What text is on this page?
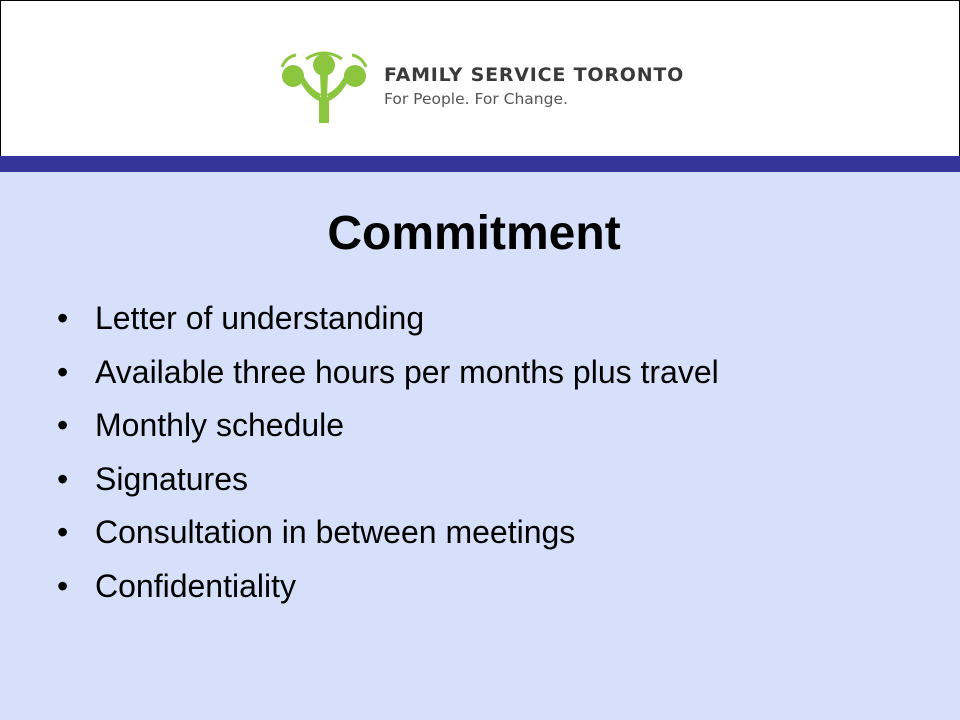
FAMILY SERVICE TORONTO
For People. For Change.
Commitment
• Letter of understanding
• Available three hours per months plus travel
• Monthly schedule
• Signatures
• Consultation in between meetings
• Confidentiality
